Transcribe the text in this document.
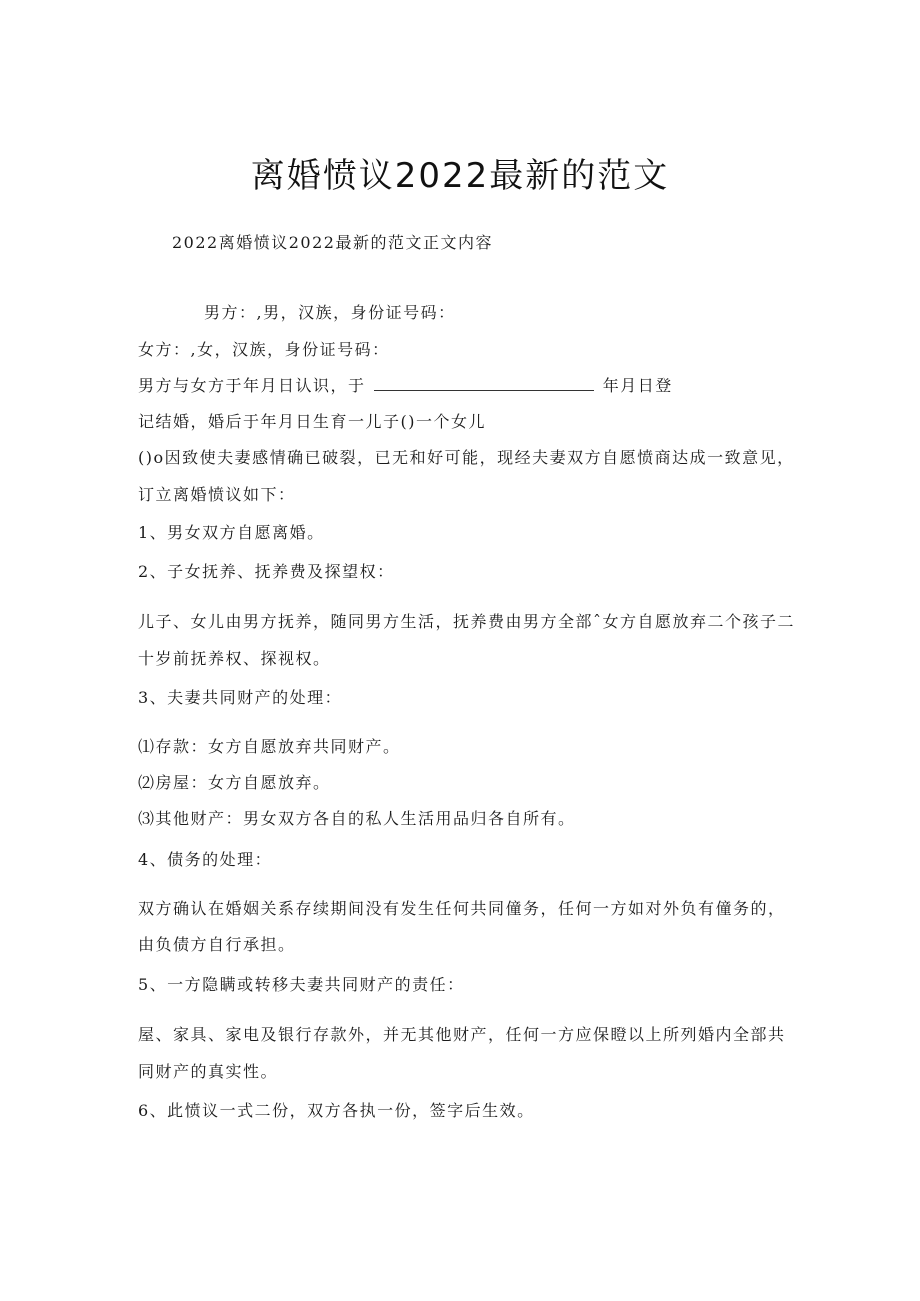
离婚愤议2022最新的范文
2022离婚愤议2022最新的范文正文内容
男方：,男，汉族，身份证号码：
女方：,女，汉族，身份证号码：
男方与女方于年月日认识，于	年月日登
记结婚，婚后于年月日生育一儿子()一个女儿
()o因致使夫妻感情确已破裂，已无和好可能，现经夫妻双方自愿愤商达成一致意见，
订立离婚愤议如下：
1、男女双方自愿离婚。
2、子女抚养、抚养费及探望权：
儿子、女儿由男方抚养，随同男方生活，抚养费由男方全部ˆ女方自愿放弃二个孩子二
十岁前抚养权、探视权。
3、夫妻共同财产的处理：
⑴存款：女方自愿放弃共同财产。
⑵房屋：女方自愿放弃。
⑶其他财产：男女双方各自的私人生活用品归各自所有。
4、债务的处理：
双方确认在婚姻关系存续期间没有发生任何共同僮务，任何一方如对外负有僮务的，
由负债方自行承担。
5、一方隐瞒或转移夫妻共同财产的责任：
屋、家具、家电及银行存款外，并无其他财产，任何一方应保瞪以上所列婚内全部共
同财产的真实性。
6、此愤议一式二份，双方各执一份，签字后生效。
